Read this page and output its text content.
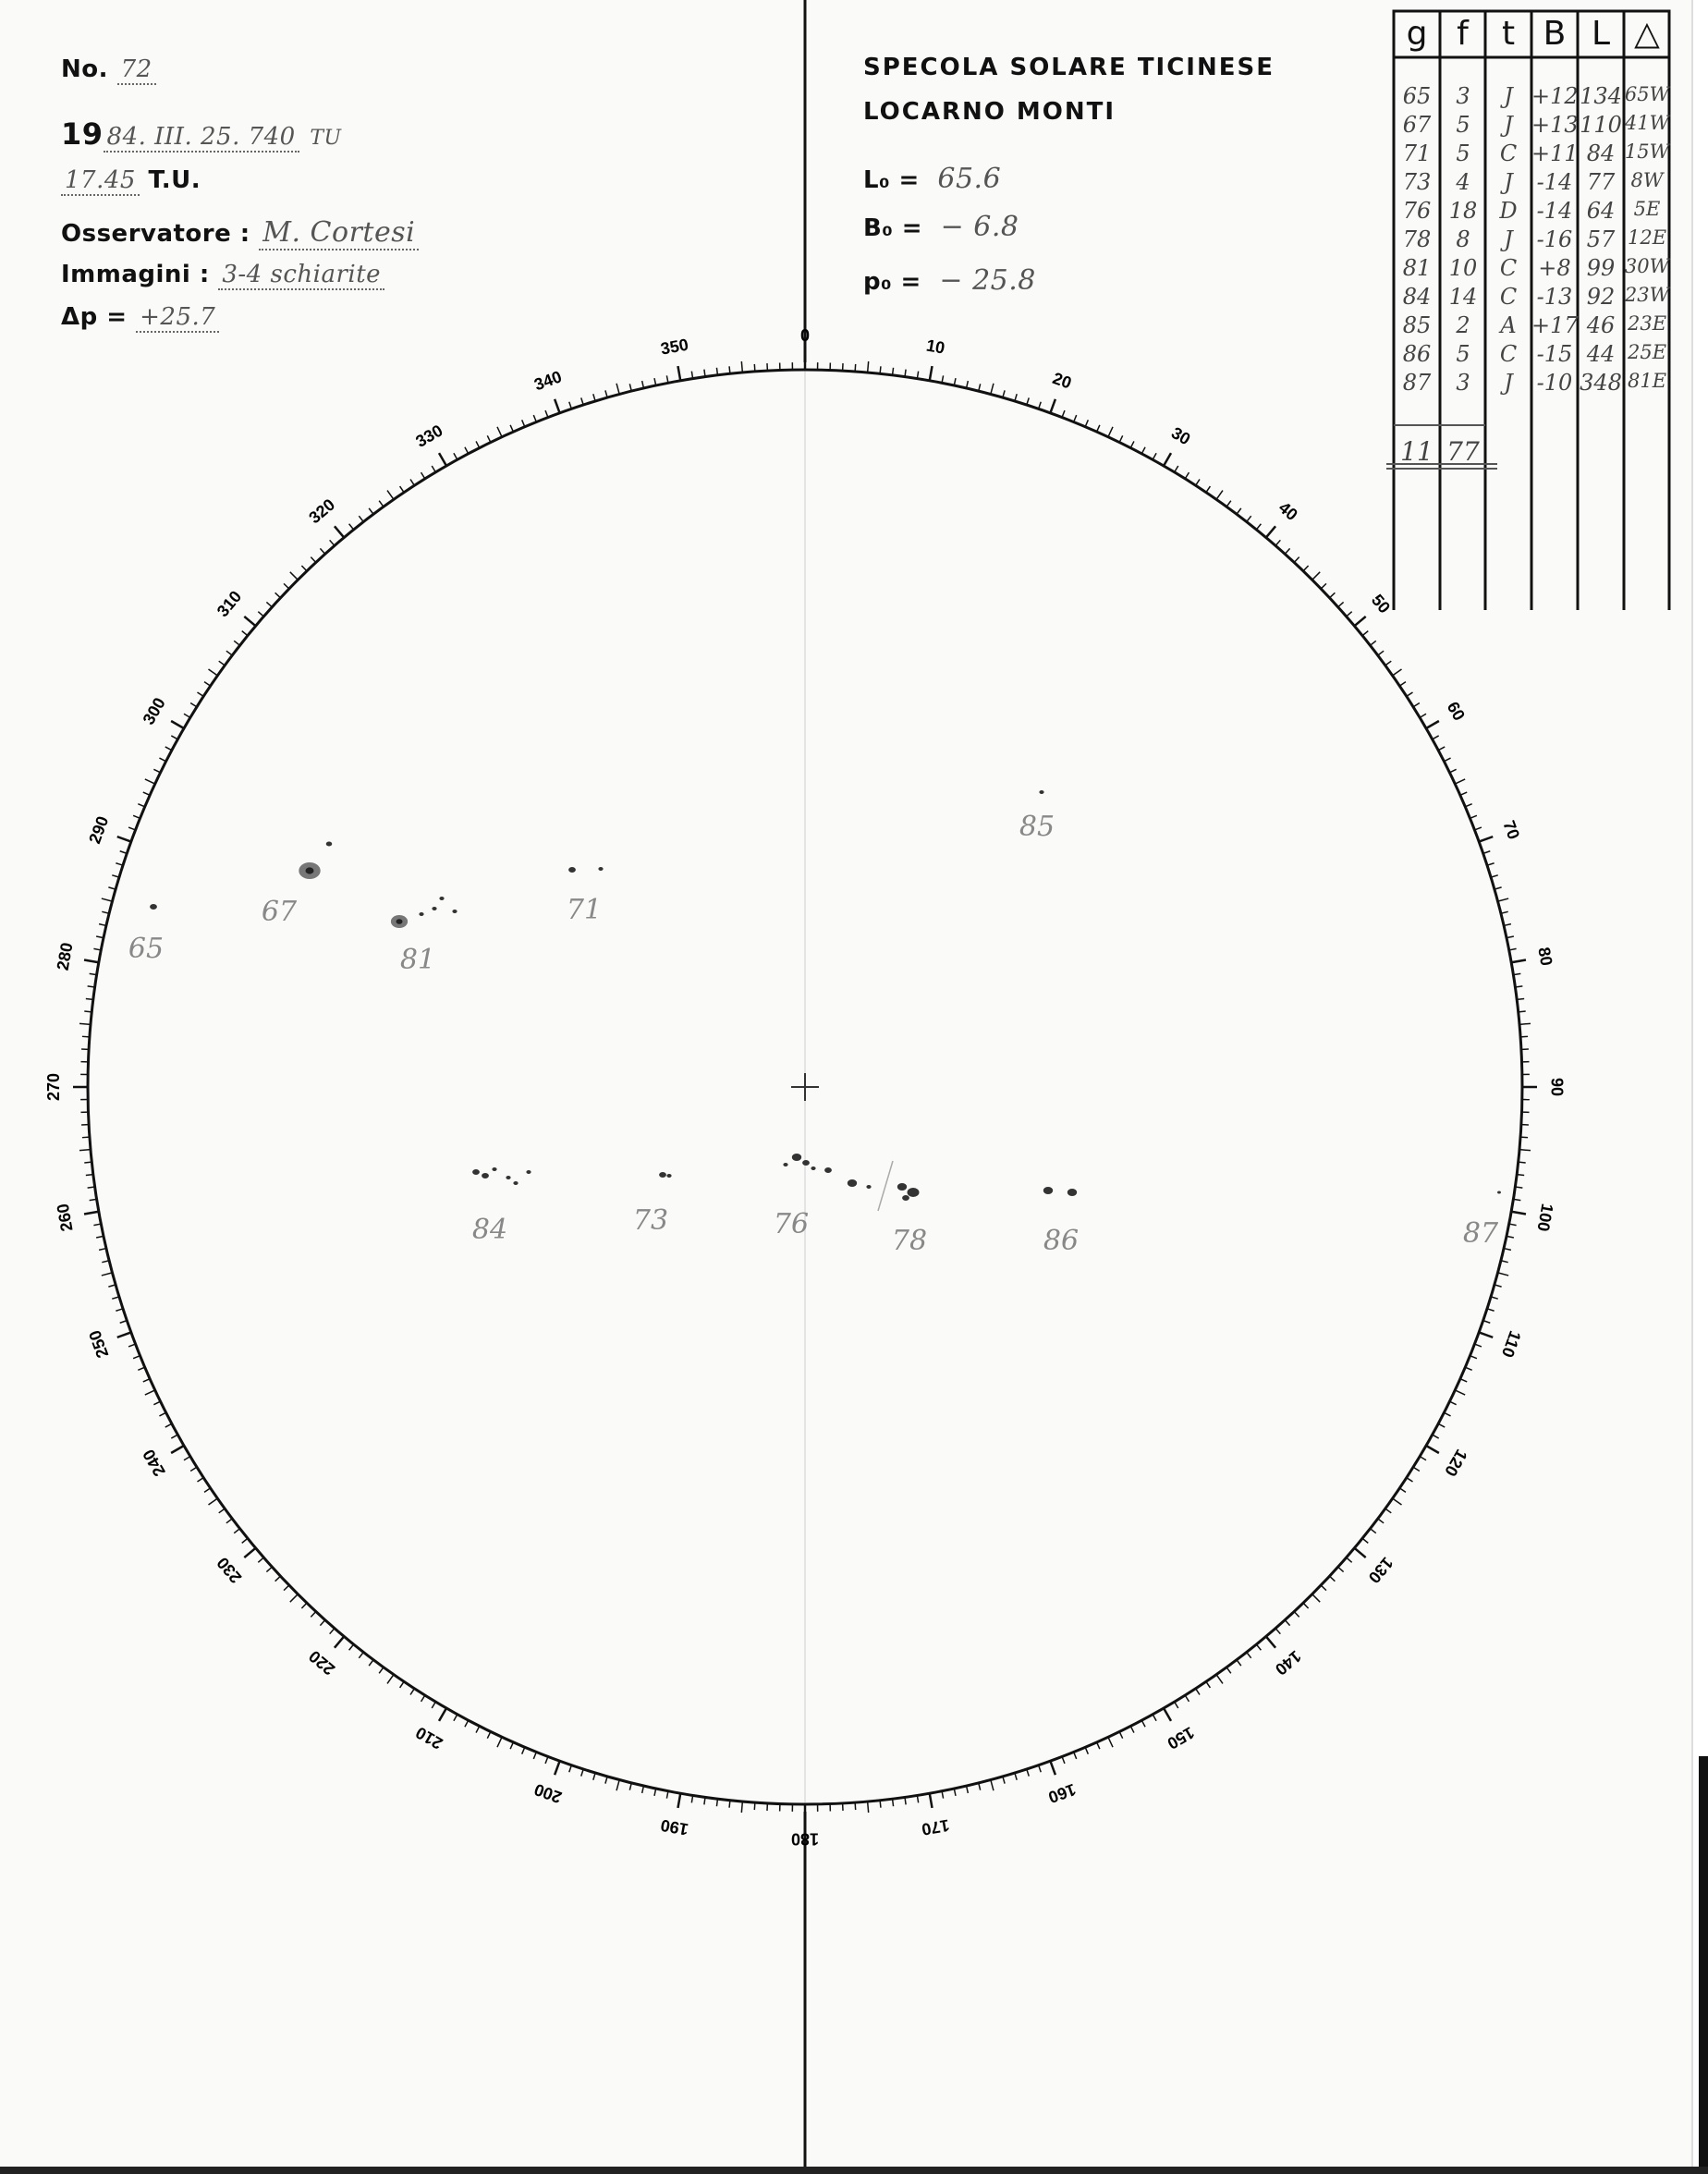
No. 72
19 84. III. 25. 740 TU
17.45 T.U.
Osservatore : M. Cortesi
Immagini : 3-4 schiarite
Δp = +25.7
SPECOLA SOLARE TICINESE
LOCARNO MONTI
L₀ = 65.6
B₀ = − 6.8
p₀ = − 25.8
g f	t B L △
65	3	J +12 134 65W
67	5	J +13 110 41W
71	5	C +11 84 15W
73	4	J	-14 77 8W
76 18	D -14 64 5E
78	8	J	-16 57 12E
81 10	C +8 99 30W
84 14	C -13 92 23W
85	2	A +17 46 23E
86	5	C -15 44 25E
87	3	J	-10 348 81E
11 77
0
10
20
30
40
50
60
70
80
90
100
110
120
130
140
150
160
170
180
190
200
210
220
230
240
250
260
270
280
290
300
310
320
330
340
350
65
67
81
71
85
84	73	76
78	86	87
